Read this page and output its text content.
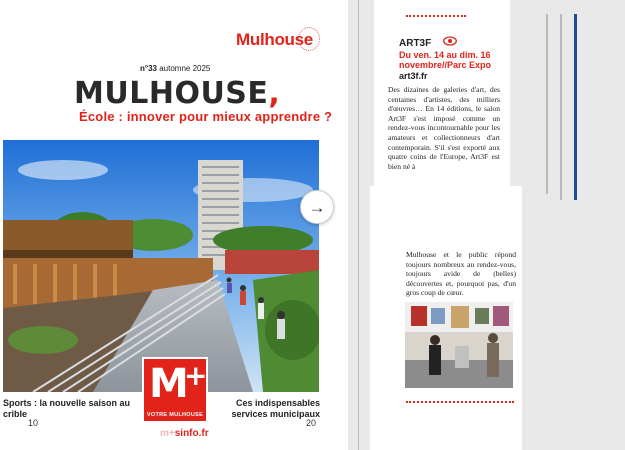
Mulhouse
n°33 automne 2025
MULHOUSE,
École : innover pour mieux apprendre ?
→
M
+
VOTRE MULHOUSE
Sports : la nouvelle saison au crible
10
Ces indispensables services municipaux
20
m+sinfo.fr
ART3F
Du ven. 14 au dim. 16 novembre//Parc Expo
art3f.fr
Des dizaines de galeries d'art, des centaines d'artistes, des milliers d'œuvres… En 14 éditions, le salon Art3F s'est imposé comme un rendez-vous incontournable pour les amateurs et collectionneurs d'art contemporain. S'il s'est exporté aux quatre coins de l'Europe, Art3F est bien né à
Mulhouse et le public répond toujours nombreux au rendez-vous, toujours avide de (belles) découvertes et, pourquoi pas, d'un gros coup de cœur.
